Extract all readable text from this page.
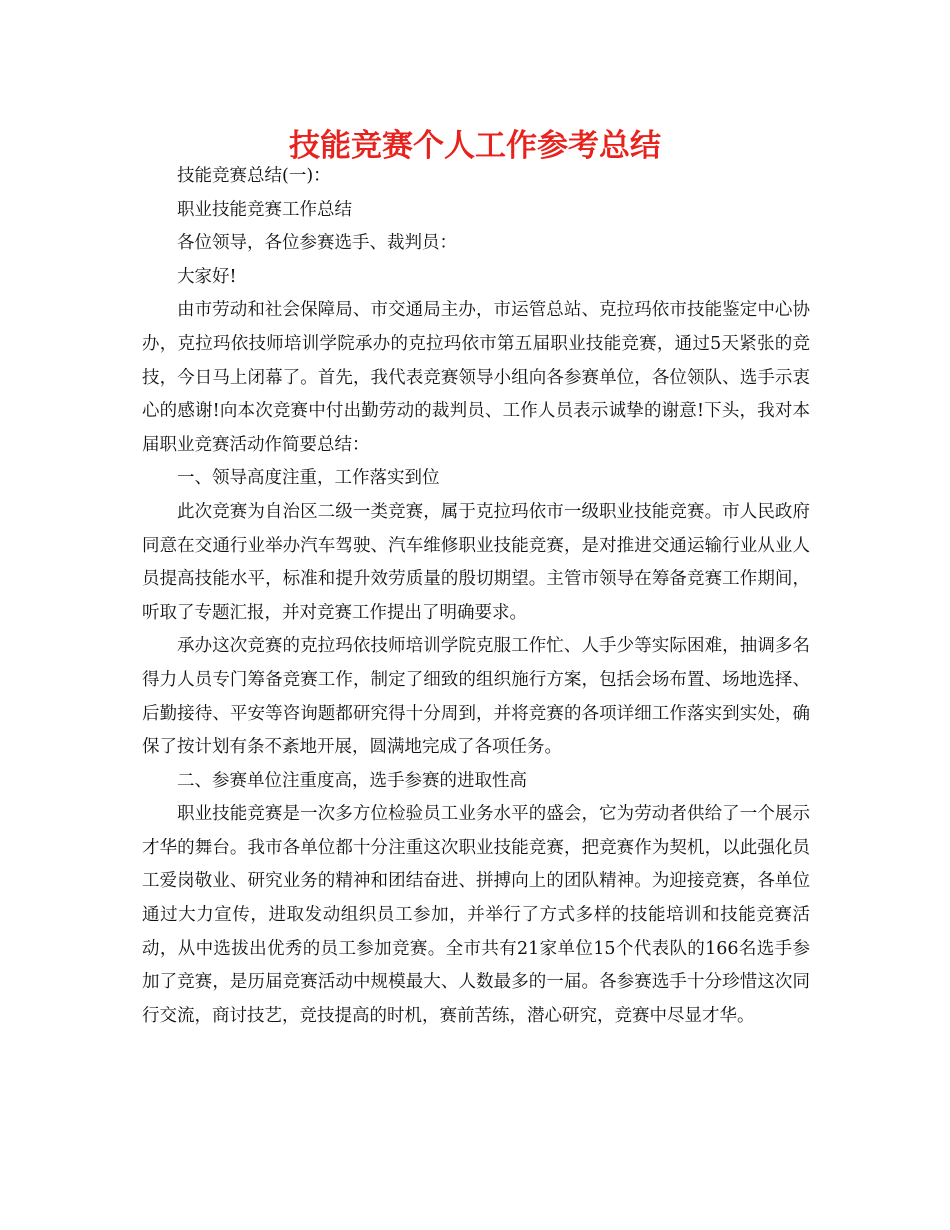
技能竞赛个人工作参考总结

技能竞赛总结(一)：

职业技能竞赛工作总结

各位领导，各位参赛选手、裁判员：

大家好!

由市劳动和社会保障局、市交通局主办，市运管总站、克拉玛依市技能鉴定中心协办，克拉玛依技师培训学院承办的克拉玛依市第五届职业技能竞赛，通过5天紧张的竞技，今日马上闭幕了。首先，我代表竞赛领导小组向各参赛单位，各位领队、选手示衷心的感谢!向本次竞赛中付出勤劳动的裁判员、工作人员表示诚挚的谢意!下头，我对本届职业竞赛活动作简要总结：

一、领导高度注重，工作落实到位

此次竞赛为自治区二级一类竞赛，属于克拉玛依市一级职业技能竞赛。市人民政府同意在交通行业举办汽车驾驶、汽车维修职业技能竞赛，是对推进交通运输行业从业人员提高技能水平，标准和提升效劳质量的殷切期望。主管市领导在筹备竞赛工作期间，听取了专题汇报，并对竞赛工作提出了明确要求。

承办这次竞赛的克拉玛依技师培训学院克服工作忙、人手少等实际困难，抽调多名得力人员专门筹备竞赛工作，制定了细致的组织施行方案，包括会场布置、场地选择、后勤接待、平安等咨询题都研究得十分周到，并将竞赛的各项详细工作落实到实处，确保了按计划有条不紊地开展，圆满地完成了各项任务。

二、参赛单位注重度高，选手参赛的进取性高

职业技能竞赛是一次多方位检验员工业务水平的盛会，它为劳动者供给了一个展示才华的舞台。我市各单位都十分注重这次职业技能竞赛，把竞赛作为契机，以此强化员工爱岗敬业、研究业务的精神和团结奋进、拼搏向上的团队精神。为迎接竞赛，各单位通过大力宣传，进取发动组织员工参加，并举行了方式多样的技能培训和技能竞赛活动，从中选拔出优秀的员工参加竞赛。全市共有21家单位15个代表队的166名选手参加了竞赛，是历届竞赛活动中规模最大、人数最多的一届。各参赛选手十分珍惜这次同行交流，商讨技艺，竞技提高的时机，赛前苦练，潜心研究，竞赛中尽显才华。
